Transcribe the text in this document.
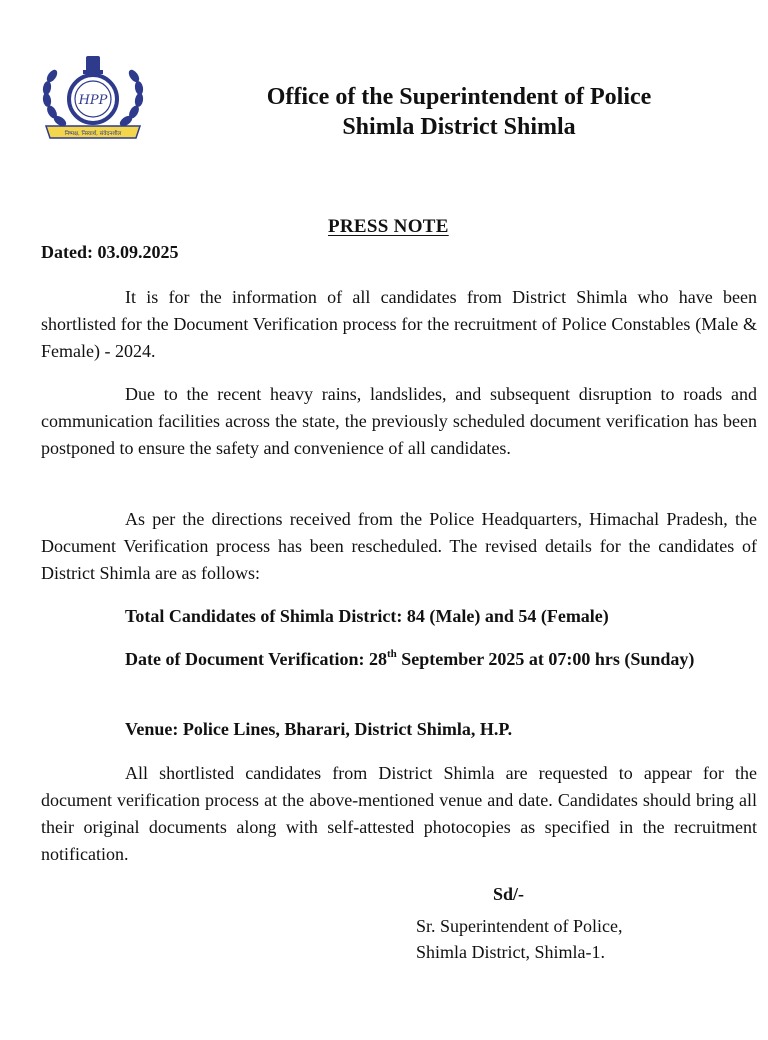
HPP
निष्पक्ष, निस्वार्थ, संवेदनशील
Office of the Superintendent of Police
Shimla District Shimla
PRESS NOTE
Dated: 03.09.2025

It is for the information of all candidates from District Shimla who have been shortlisted for the Document Verification process for the recruitment of Police Constables (Male & Female) - 2024.

Due to the recent heavy rains, landslides, and subsequent disruption to roads and communication facilities across the state, the previously scheduled document verification has been postponed to ensure the safety and convenience of all candidates.

As per the directions received from the Police Headquarters, Himachal Pradesh, the Document Verification process has been rescheduled. The revised details for the candidates of District Shimla are as follows:

Total Candidates of Shimla District: 84 (Male) and 54 (Female)

Date of Document Verification: 28th September 2025 at 07:00 hrs (Sunday)

Venue: Police Lines, Bharari, District Shimla, H.P.

All shortlisted candidates from District Shimla are requested to appear for the document verification process at the above-mentioned venue and date. Candidates should bring all their original documents along with self-attested photocopies as specified in the recruitment notification.

Sd/-
Sr. Superintendent of Police,
Shimla District, Shimla-1.
